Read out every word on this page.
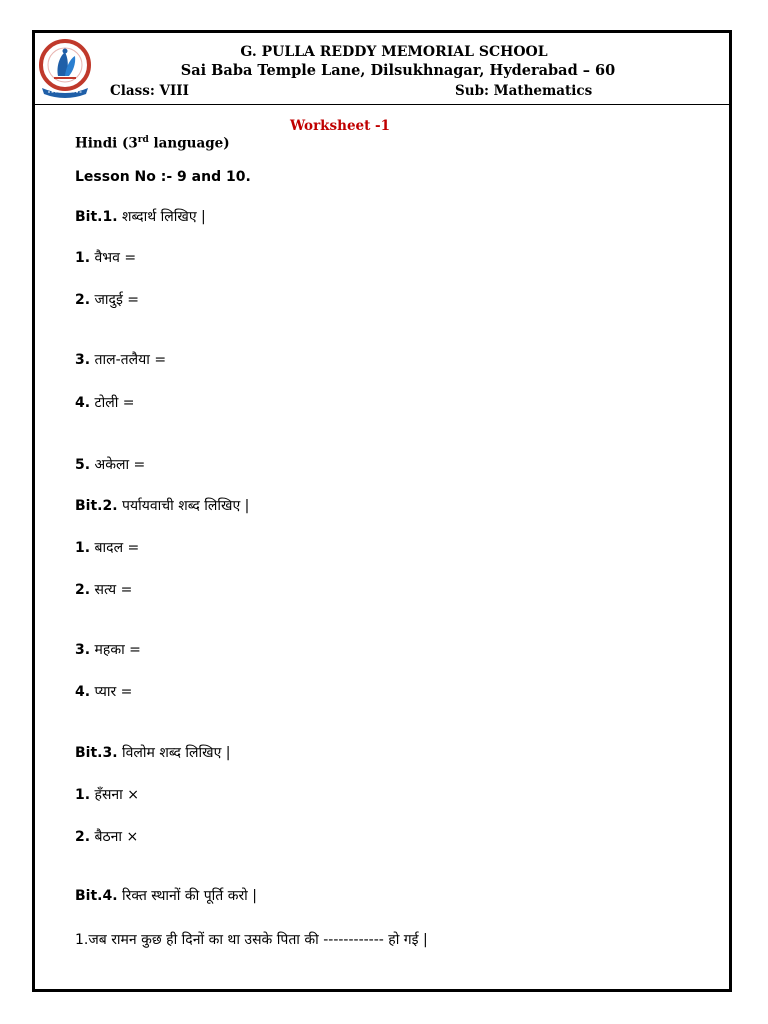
G. PULLA REDDY MEMORIAL SCHOOL
Sai Baba Temple Lane, Dilsukhnagar, Hyderabad – 60
Class: VIII	Sub: Mathematics
Worksheet -1
Hindi (3rd language)
Lesson No :- 9 and 10.
Bit.1. शब्दार्थ लिखिए |
1. वैभव =
2. जादुई =
3. ताल-तलैया =
4. टोली =
5. अकेला =
Bit.2. पर्यायवाची शब्द लिखिए |
1. बादल =
2. सत्य =
3. महका =
4. प्यार =
Bit.3. विलोम शब्द लिखिए |
1. हँसना ×
2. बैठना ×
Bit.4. रिक्त स्थानों की पूर्ति करो |
1.जब रामन कुछ ही दिनों का था उसके पिता की ------------ हो गई |
